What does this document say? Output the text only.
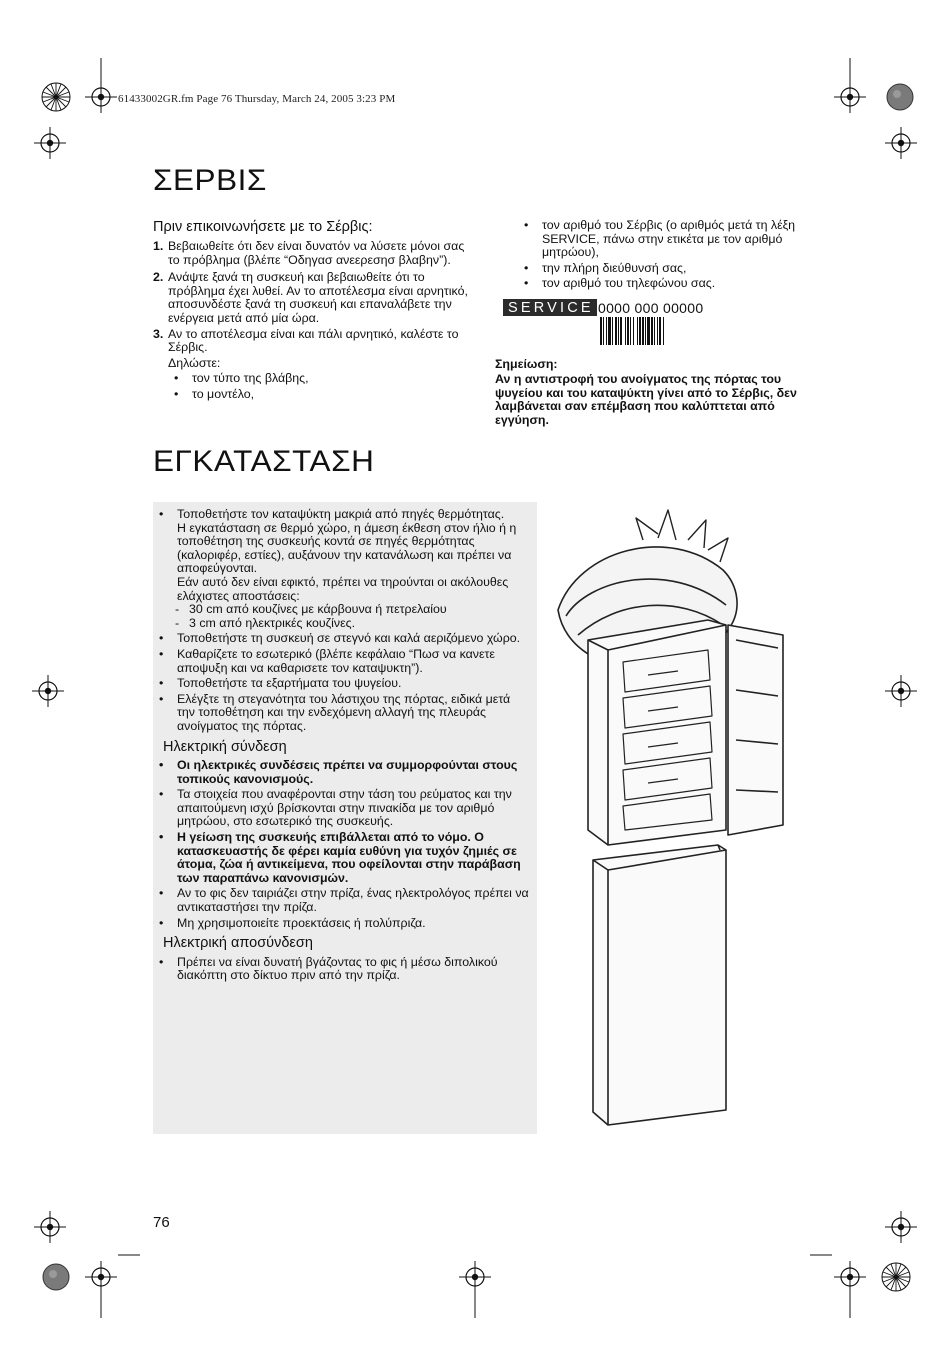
61433002GR.fm Page 76 Thursday, March 24, 2005 3:23 PM
ΣΕΡΒΙΣ
Πριν επικοινωνήσετε με το Σέρβις:
1. Βεβαιωθείτε ότι δεν είναι δυνατόν να λύσετε μόνοι σας το πρόβλημα (βλέπε “Οδηγασ ανεερεσησ βλαβην”).
2. Ανάψτε ξανά τη συσκευή και βεβαιωθείτε ότι το πρόβλημα έχει λυθεί. Αν το αποτέλεσμα είναι αρνητικό, αποσυνδέστε ξανά τη συσκευή και επαναλάβετε την ενέργεια μετά από μία ώρα.
3. Αν το αποτέλεσμα είναι και πάλι αρνητικό, καλέστε το Σέρβις.
Δηλώστε:
• τον τύπο της βλάβης,
• το μοντέλο,
• τον αριθμό του Σέρβις (ο αριθμός μετά τη λέξη SERVICE, πάνω στην ετικέτα με τον αριθμό μητρώου),
• την πλήρη διεύθυνσή σας,
• τον αριθμό του τηλεφώνου σας.
SERVICE 0000 000 00000
Σημείωση:
Αν η αντιστροφή του ανοίγματος της πόρτας του ψυγείου και του καταψύκτη γίνει από το Σέρβις, δεν λαμβάνεται σαν επέμβαση που καλύπτεται από εγγύηση.
ΕΓΚΑΤΑΣΤΑΣΗ
• Τοποθετήστε τον καταψύκτη μακριά από πηγές θερμότητας.
Η εγκατάσταση σε θερμό χώρο, η άμεση έκθεση στον ήλιο ή η τοποθέτηση της συσκευής κοντά σε πηγές θερμότητας (καλοριφέρ, εστίες), αυξάνουν την κατανάλωση και πρέπει να αποφεύγονται.
Εάν αυτό δεν είναι εφικτό, πρέπει να τηρούνται οι ακόλουθες ελάχιστες αποστάσεις:
- 30 cm από κουζίνες με κάρβουνα ή πετρελαίου
- 3 cm από ηλεκτρικές κουζίνες.
• Τοποθετήστε τη συσκευή σε στεγνό και καλά αεριζόμενο χώρο.
• Καθαρίζετε το εσωτερικό (βλέπε κεφάλαιο “Πωσ να κανετε αποψυξη και να καθαρισετε τον καταψυκτη”).
• Τοποθετήστε τα εξαρτήματα του ψυγείου.
• Ελέγξτε τη στεγανότητα του λάστιχου της πόρτας, ειδικά μετά την τοποθέτηση και την ενδεχόμενη αλλαγή της πλευράς ανοίγματος της πόρτας.
Ηλεκτρική σύνδεση
• Οι ηλεκτρικές συνδέσεις πρέπει να συμμορφούνται στους τοπικούς κανονισμούς.
• Τα στοιχεία που αναφέρονται στην τάση του ρεύματος και την απαιτούμενη ισχύ βρίσκονται στην πινακίδα με τον αριθμό μητρώου, στο εσωτερικό της συσκευής.
• Η γείωση της συσκευής επιβάλλεται από το νόμο. Ο κατασκευαστής δε φέρει καμία ευθύνη για τυχόν ζημιές σε άτομα, ζώα ή αντικείμενα, που οφείλονται στην παράβαση των παραπάνω κανονισμών.
• Αν το φις δεν ταιριάζει στην πρίζα, ένας ηλεκτρολόγος πρέπει να αντικαταστήσει την πρίζα.
• Μη χρησιμοποιείτε προεκτάσεις ή πολύπριζα.
Ηλεκτρική αποσύνδεση
• Πρέπει να είναι δυνατή βγάζοντας το φις ή μέσω διπολικού διακόπτη στο δίκτυο πριν από την πρίζα.
76
